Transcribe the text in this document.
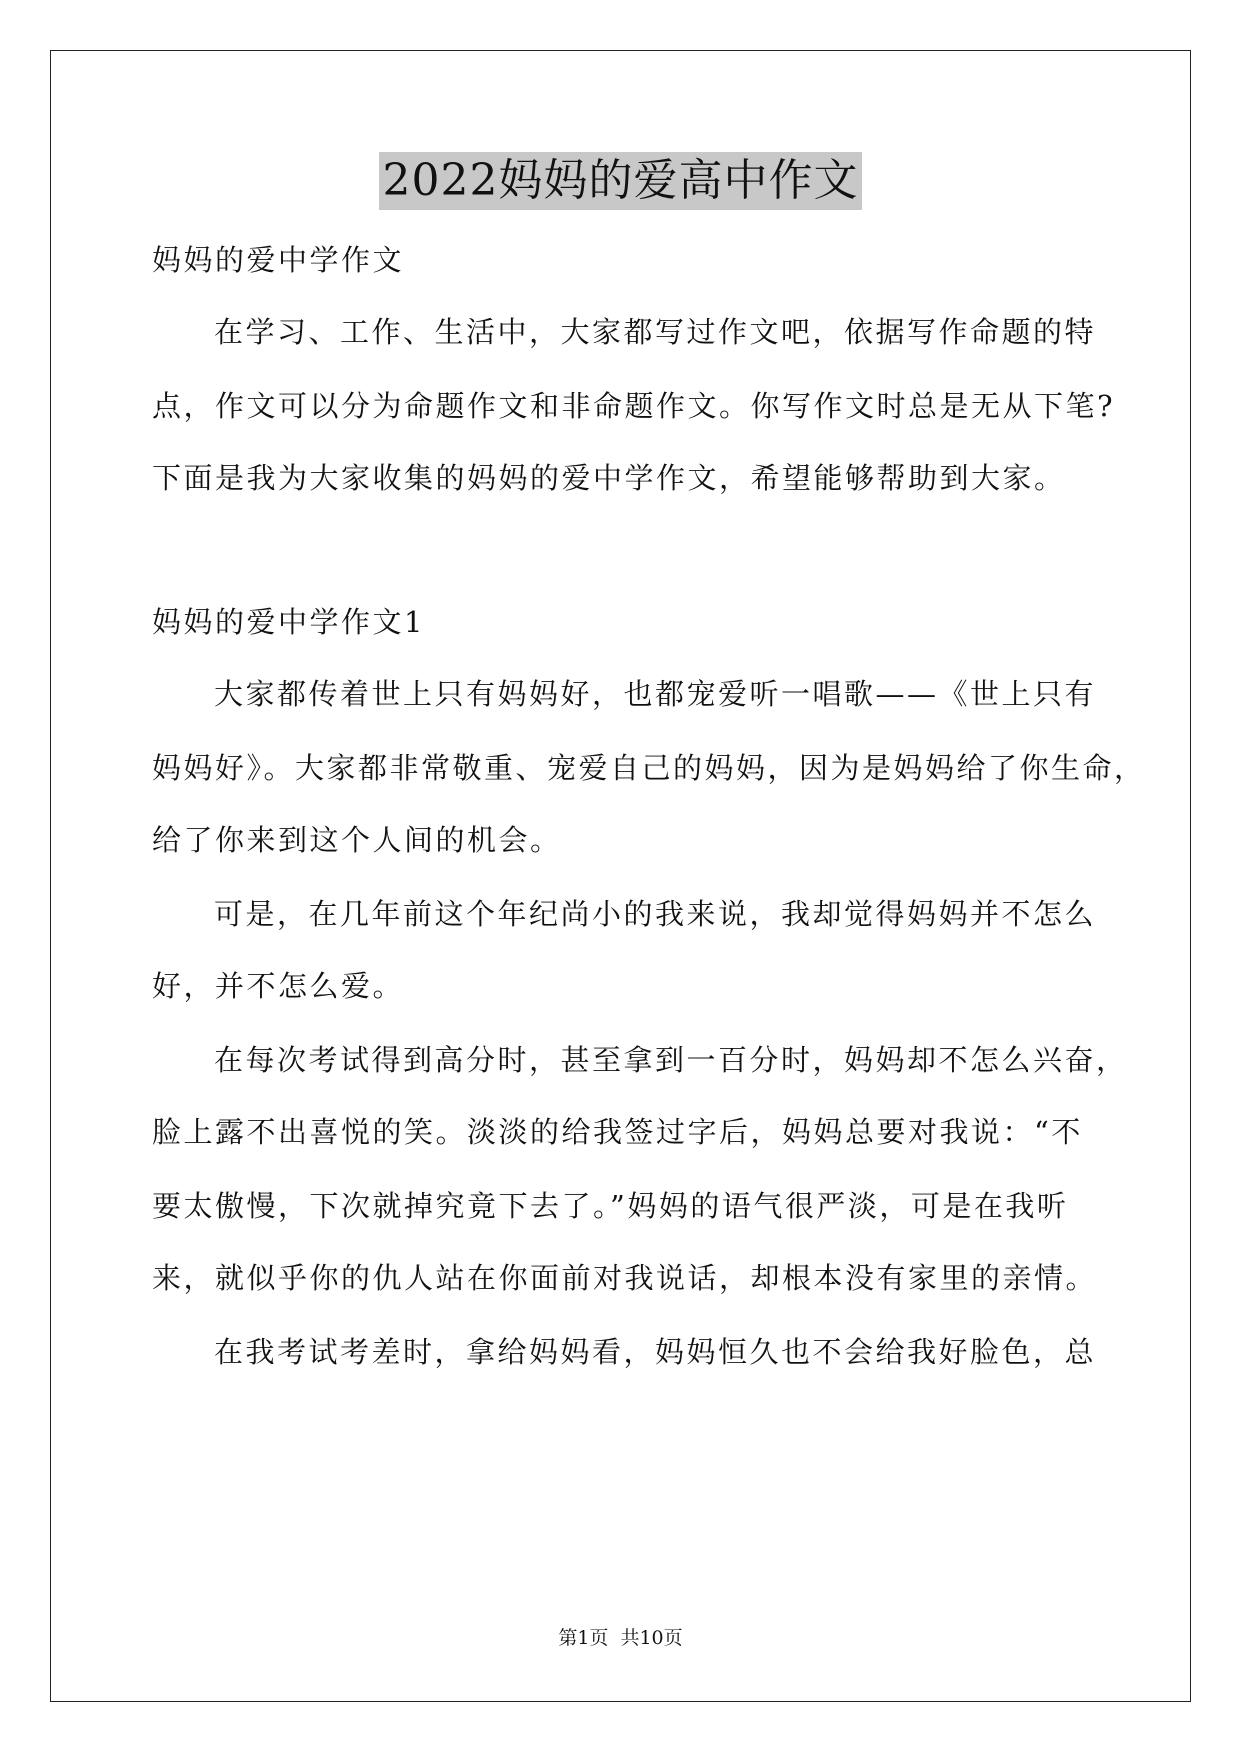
2022妈妈的爱高中作文
妈妈的爱中学作文
在学习、工作、生活中，大家都写过作文吧，依据写作命题的特
点，作文可以分为命题作文和非命题作文。你写作文时总是无从下笔?
下面是我为大家收集的妈妈的爱中学作文，希望能够帮助到大家。
妈妈的爱中学作文1
大家都传着世上只有妈妈好，也都宠爱听一唱歌——《世上只有
妈妈好》。大家都非常敬重、宠爱自己的妈妈，因为是妈妈给了你生命，
给了你来到这个人间的机会。
可是，在几年前这个年纪尚小的我来说，我却觉得妈妈并不怎么
好，并不怎么爱。
在每次考试得到高分时，甚至拿到一百分时，妈妈却不怎么兴奋，
脸上露不出喜悦的笑。淡淡的给我签过字后，妈妈总要对我说：“不
要太傲慢，下次就掉究竟下去了。”妈妈的语气很严淡，可是在我听
来，就似乎你的仇人站在你面前对我说话，却根本没有家里的亲情。
在我考试考差时，拿给妈妈看，妈妈恒久也不会给我好脸色，总
第1页 共10页
